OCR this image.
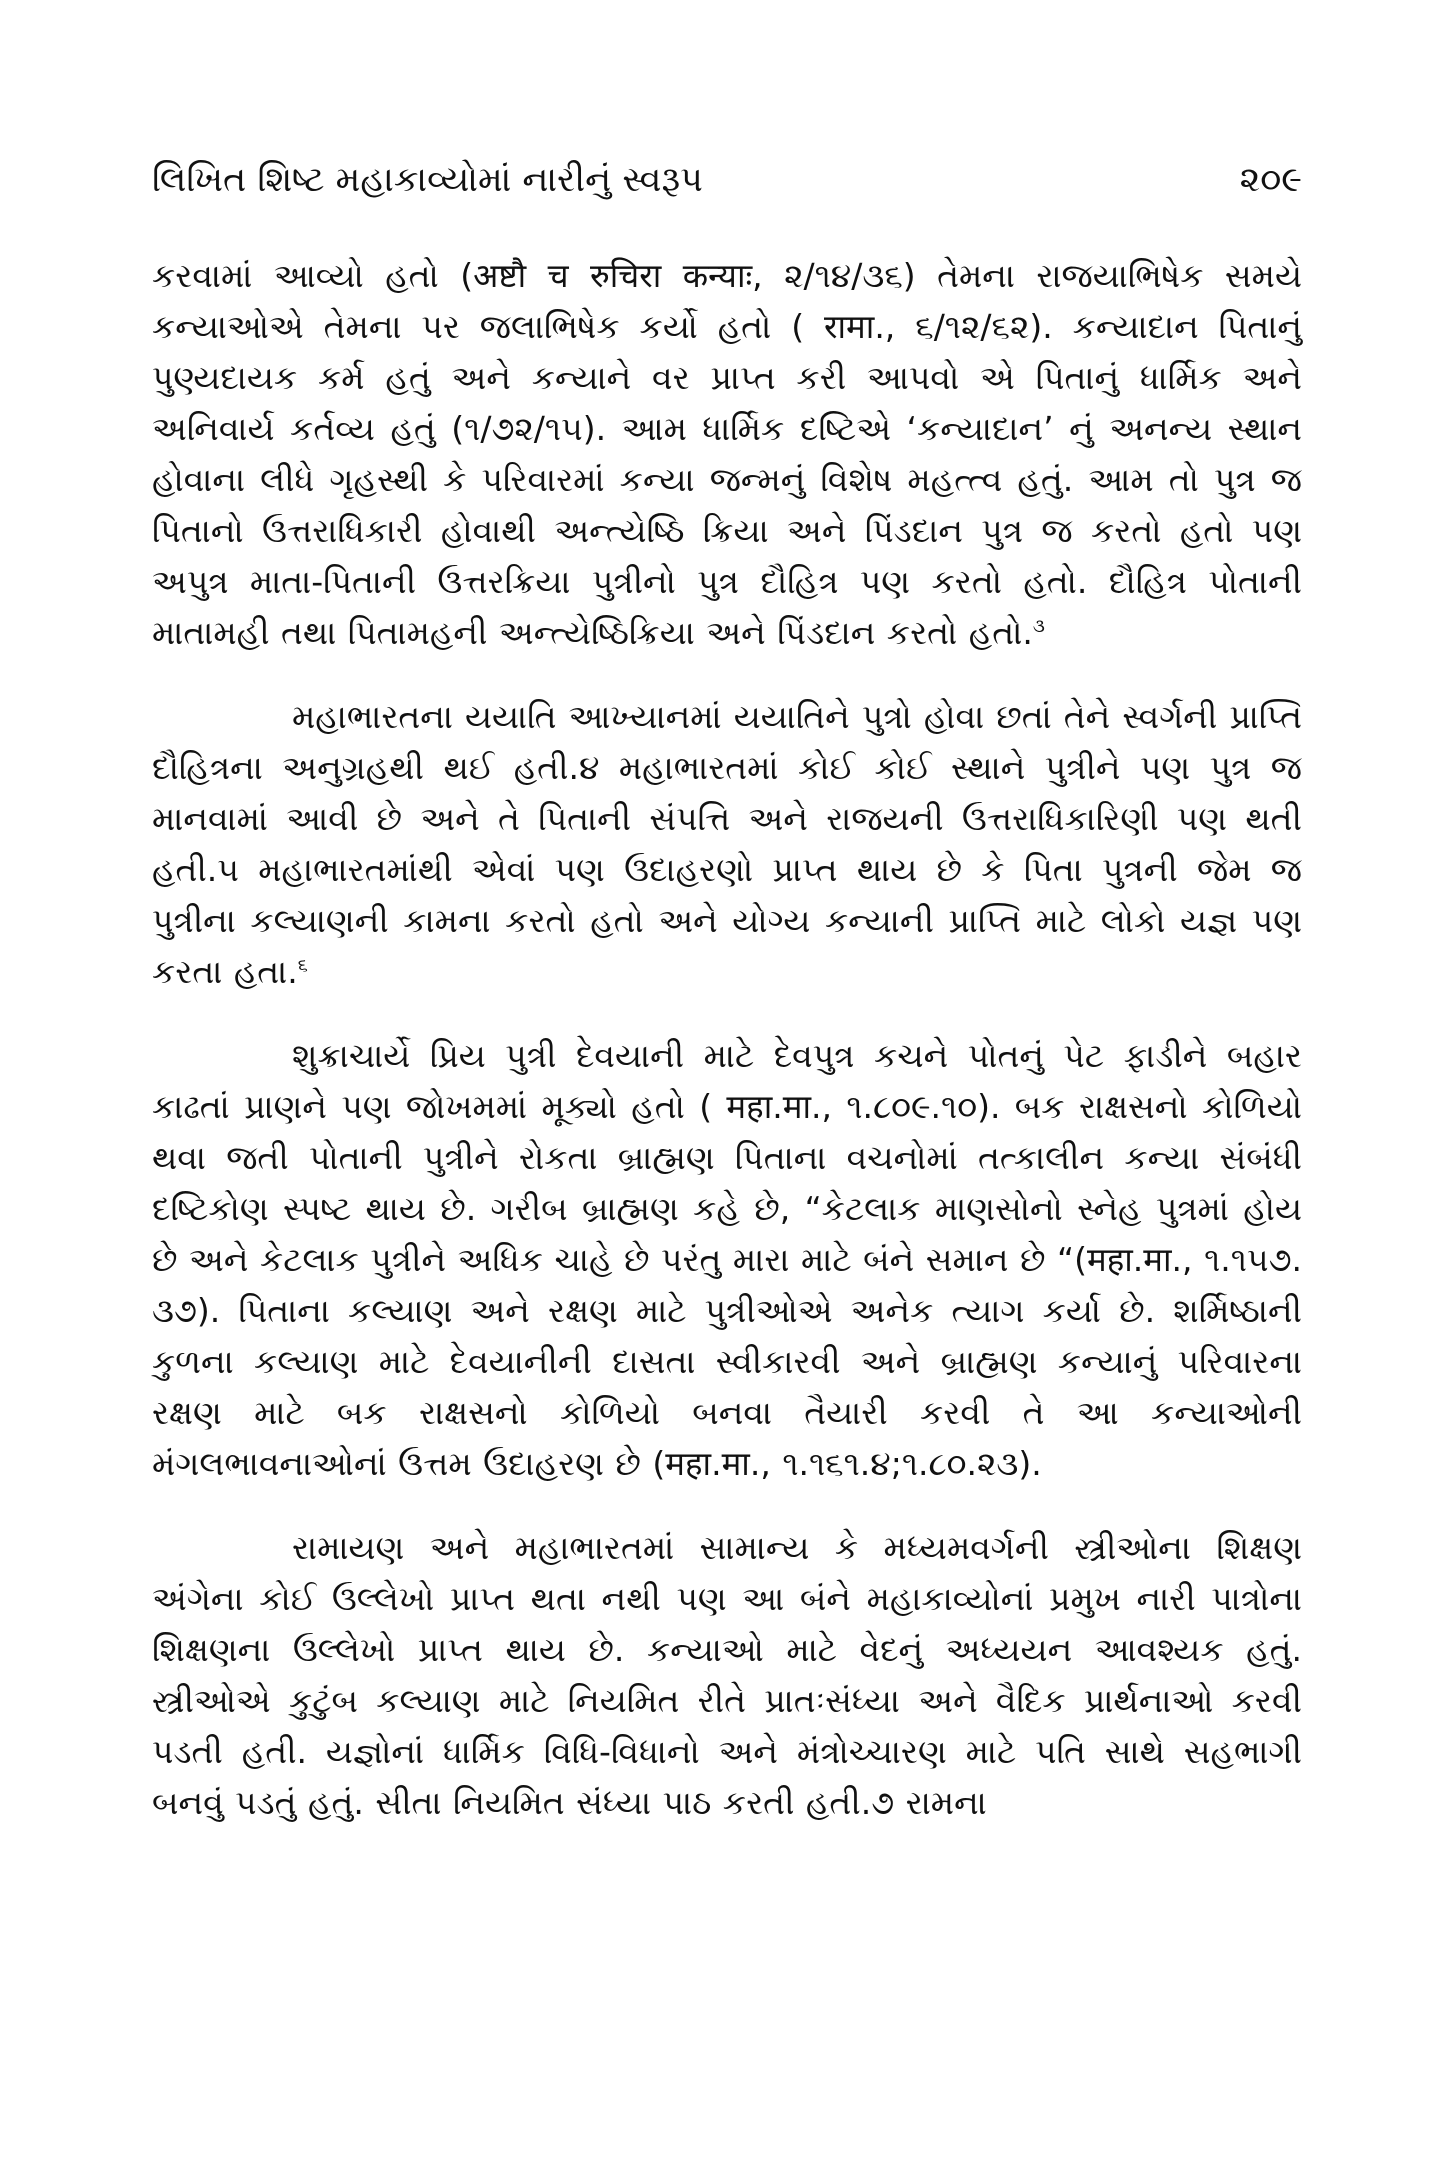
લિખિત શિષ્ટ મહાકાવ્યોમાં નારીનું સ્વરૂપ	૨૦૯

કરવામાં આવ્યો હતો (अष्टौ च रुचिरा कन्याः, ૨/૧૪/૩૬) તેમના રાજયાભિષેક સમયે કન્યાઓએ તેમના પર જલાભિષેક કર્યો હતો ( रामा., ૬/૧૨/૬૨). કન્યાદાન પિતાનું પુણ્યદાયક કર્મ હતું અને કન્યાને વર પ્રાપ્ત કરી આપવો એ પિતાનું ધાર્મિક અને અનિવાર્ય કર્તવ્ય હતું (૧/૭૨/૧૫). આમ ધાર્મિક દષ્ટિએ ‘કન્યાદાન’ નું અનન્ય સ્થાન હોવાના લીધે ગૃહસ્થી કે પરિવારમાં કન્યા જન્મનું વિશેષ મહત્ત્વ હતું. આમ તો પુત્ર જ પિતાનો ઉત્તરાધિકારી હોવાથી અન્ત્યેષ્ઠિ ક્રિયા અને પિંડદાન પુત્ર જ કરતો હતો પણ અપુત્ર માતા-પિતાની ઉત્તરક્રિયા પુત્રીનો પુત્ર દૌહિત્ર પણ કરતો હતો. દૌહિત્ર પોતાની માતામહી તથા પિતામહની અન્ત્યેષ્ઠિક્રિયા અને પિંડદાન કરતો હતો.$^૩$

મહાભારતના યયાતિ આખ્યાનમાં યયાતિને પુત્રો હોવા છતાં તેને સ્વર્ગની પ્રાપ્તિ દૌહિત્રના અનુગ્રહથી થઈ હતી.૪ મહાભારતમાં કોઈ કોઈ સ્થાને પુત્રીને પણ પુત્ર જ માનવામાં આવી છે અને તે પિતાની સંપત્તિ અને રાજયની ઉત્તરાધિકારિણી પણ થતી હતી.૫ મહાભારતમાંથી એવાં પણ ઉદાહરણો પ્રાપ્ત થાય છે કે પિતા પુત્રની જેમ જ પુત્રીના કલ્યાણની કામના કરતો હતો અને યોગ્ય કન્યાની પ્રાપ્તિ માટે લોકો યજ્ઞ પણ કરતા હતા.$^૬$

શુક્રાચાર્યે પ્રિય પુત્રી દેવયાની માટે દેવપુત્ર કચને પોતનું પેટ ફાડીને બહાર કાઢતાં પ્રાણને પણ જોખમમાં મૂક્યો હતો ( महा.मा., ૧.૮૦૯.૧૦). બક રાક્ષસનો કોળિયો થવા જતી પોતાની પુત્રીને રોકતા બ્રાહ્મણ પિતાના વચનોમાં તત્કાલીન કન્યા સંબંધી દષ્ટિકોણ સ્પષ્ટ થાય છે. ગરીબ બ્રાહ્મણ કહે છે, “કેટલાક માણસોનો સ્નેહ પુત્રમાં હોય છે અને કેટલાક પુત્રીને અધિક ચાહે છે પરંતુ મારા માટે બંને સમાન છે “(महा.मा., ૧.૧૫૭. ૩૭). પિતાના કલ્યાણ અને રક્ષણ માટે પુત્રીઓએ અનેક ત્યાગ કર્યા છે. શર્મિષ્ઠાની કુળના કલ્યાણ માટે દેવયાનીની દાસતા સ્વીકારવી અને બ્રાહ્મણ કન્યાનું પરિવારના રક્ષણ માટે બક રાક્ષસનો કોળિયો બનવા તૈયારી કરવી તે આ કન્યાઓની મંગલભાવનાઓનાં ઉત્તમ ઉદાહરણ છે (महा.मा., ૧.૧૬૧.૪;૧.૮૦.૨૩).

રામાયણ અને મહાભારતમાં સામાન્ય કે મધ્યમવર્ગની સ્ત્રીઓના શિક્ષણ અંગેના કોઈ ઉલ્લેખો પ્રાપ્ત થતા નથી પણ આ બંને મહાકાવ્યોનાં પ્રમુખ નારી પાત્રોના શિક્ષણના ઉલ્લેખો પ્રાપ્ત થાય છે. કન્યાઓ માટે વેદનું અધ્યયન આવશ્યક હતું. સ્ત્રીઓએ કુટુંબ કલ્યાણ માટે નિયમિત રીતે પ્રાતઃસંધ્યા અને વૈદિક પ્રાર્થનાઓ કરવી પડતી હતી. યજ્ઞોનાં ધાર્મિક વિધિ-વિધાનો અને મંત્રોચ્ચારણ માટે પતિ સાથે સહભાગી બનવું પડતું હતું. સીતા નિયમિત સંધ્યા પાઠ કરતી હતી.૭ રામના
